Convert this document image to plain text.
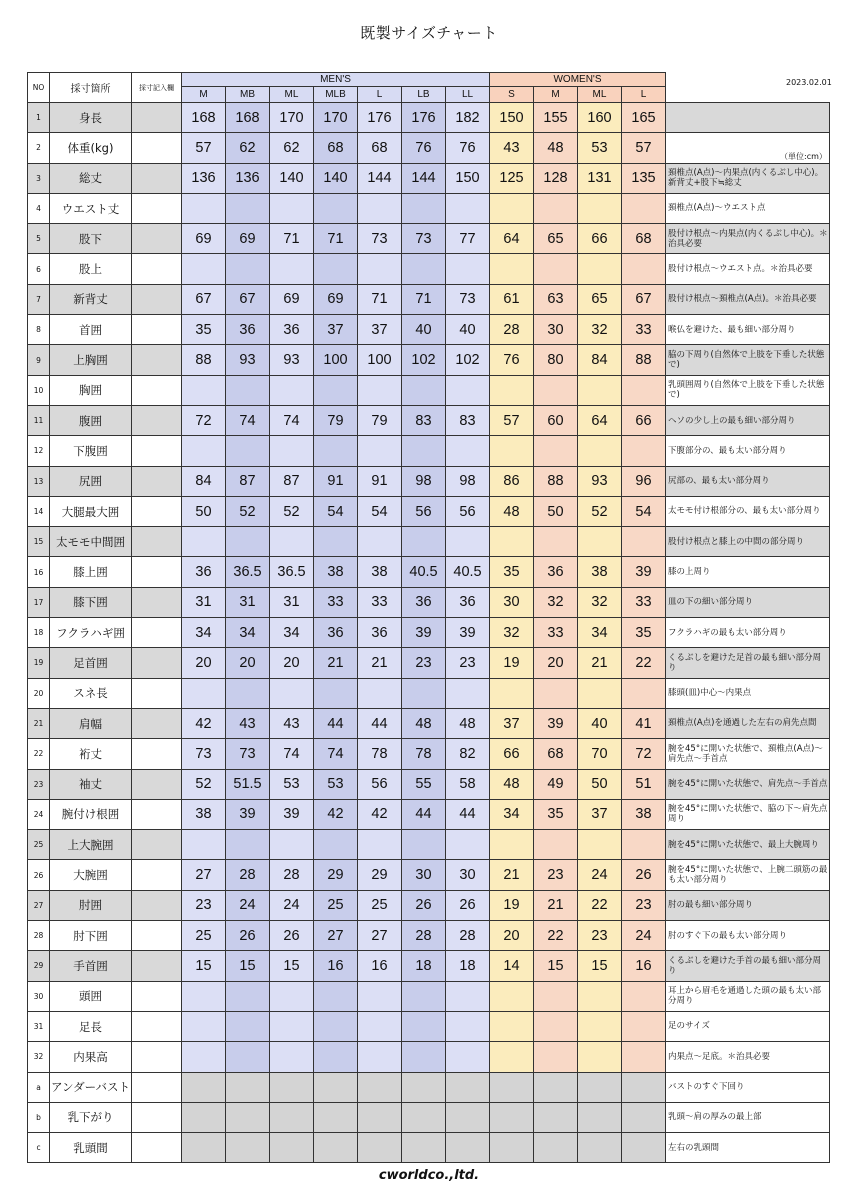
既製サイズチャート
2023.02.01
（単位:cm）
NO	採寸箇所	採寸記入欄	MEN'S							WOMEN'S				
			M	MB	ML	MLB	L	LB	LL	S	M	ML	L	
1	身長		168	168	170	170	176	176	182	150	155	160	165	
2	体重(kg)		57	62	62	68	68	76	76	43	48	53	57	
3	総丈		136	136	140	140	144	144	150	125	128	131	135	頚椎点(A点)～内果点(内くるぶし中心)。新背丈+股下≒総丈
4	ウエスト丈													頚椎点(A点)～ウエスト点
5	股下		69	69	71	71	73	73	77	64	65	66	68	股付け根点～内果点(内くるぶし中心)。＊治具必要
6	股上													股付け根点～ウエスト点。＊治具必要
7	新背丈		67	67	69	69	71	71	73	61	63	65	67	股付け根点～頚椎点(A点)。＊治具必要
8	首囲		35	36	36	37	37	40	40	28	30	32	33	喉仏を避けた、最も細い部分周り
9	上胸囲		88	93	93	100	100	102	102	76	80	84	88	脇の下周り(自然体で上肢を下垂した状態で)
10	胸囲													乳頭囲周り(自然体で上肢を下垂した状態で)
11	腹囲		72	74	74	79	79	83	83	57	60	64	66	ヘソの少し上の最も細い部分周り
12	下腹囲													下腹部分の、最も太い部分周り
13	尻囲		84	87	87	91	91	98	98	86	88	93	96	尻部の、最も太い部分周り
14	大腿最大囲		50	52	52	54	54	56	56	48	50	52	54	太モモ付け根部分の、最も太い部分周り
15	太モモ中間囲													股付け根点と膝上の中間の部分周り
16	膝上囲		36	36.5	36.5	38	38	40.5	40.5	35	36	38	39	膝の上周り
17	膝下囲		31	31	31	33	33	36	36	30	32	32	33	皿の下の細い部分周り
18	フクラハギ囲		34	34	34	36	36	39	39	32	33	34	35	フクラハギの最も太い部分周り
19	足首囲		20	20	20	21	21	23	23	19	20	21	22	くるぶしを避けた足首の最も細い部分周り
20	スネ長													膝頭(皿)中心～内果点
21	肩幅		42	43	43	44	44	48	48	37	39	40	41	頚椎点(A点)を通過した左右の肩先点間
22	裄丈		73	73	74	74	78	78	82	66	68	70	72	腕を45°に開いた状態で、頚椎点(A点)～肩先点～手首点
23	袖丈		52	51.5	53	53	56	55	58	48	49	50	51	腕を45°に開いた状態で、肩先点～手首点
24	腕付け根囲		38	39	39	42	42	44	44	34	35	37	38	腕を45°に開いた状態で、脇の下～肩先点周り
25	上大腕囲													腕を45°に開いた状態で、最上大腕周り
26	大腕囲		27	28	28	29	29	30	30	21	23	24	26	腕を45°に開いた状態で、上腕二頭筋の最も太い部分周り
27	肘囲		23	24	24	25	25	26	26	19	21	22	23	肘の最も細い部分周り
28	肘下囲		25	26	26	27	27	28	28	20	22	23	24	肘のすぐ下の最も太い部分周り
29	手首囲		15	15	15	16	16	18	18	14	15	15	16	くるぶしを避けた手首の最も細い部分周り
30	頭囲													耳上から眉毛を通過した頭の最も太い部分周り
31	足長													足のサイズ
32	内果高													内果点～足底。＊治具必要
a	アンダーバスト													バストのすぐ下回り
b	乳下がり													乳頭～肩の厚みの最上部
c	乳頭間													左右の乳頭間
cworldco.,ltd.
